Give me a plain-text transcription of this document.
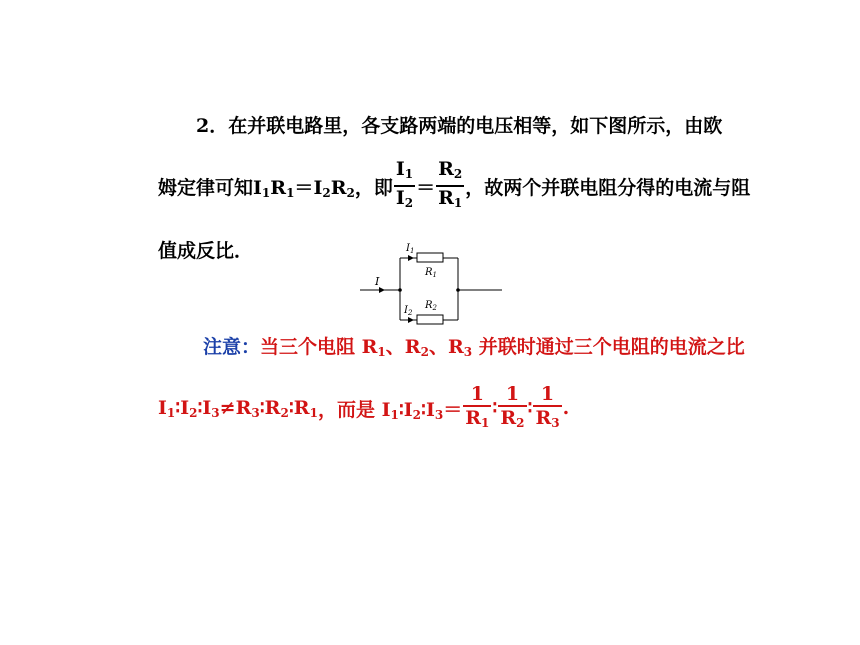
2．在并联电路里，各支路两端的电压相等，如下图所示，由欧
姆定律可知 $I_1R_1=I_2R_2$ ，即 $\frac{I_1}{I_2} = \frac{R_2}{R_1}$ ，故两个并联电阻分得的电流与阻
值成反比．
I
$I_1$
$R_1$
$I_2$
$R_2$
注意：当三个电阻 $R_1$、$R_2$、$R_3$ 并联时通过三个电阻的电流之比
$I_1∶I_2∶I_3\ne R_3∶R_2∶R_1$ ，而是 $I_1∶I_2∶I_3= \frac{1}{R_1}$ ∶ $\frac{1}{R_2}$ ∶ $\frac{1}{R_3}$ .
